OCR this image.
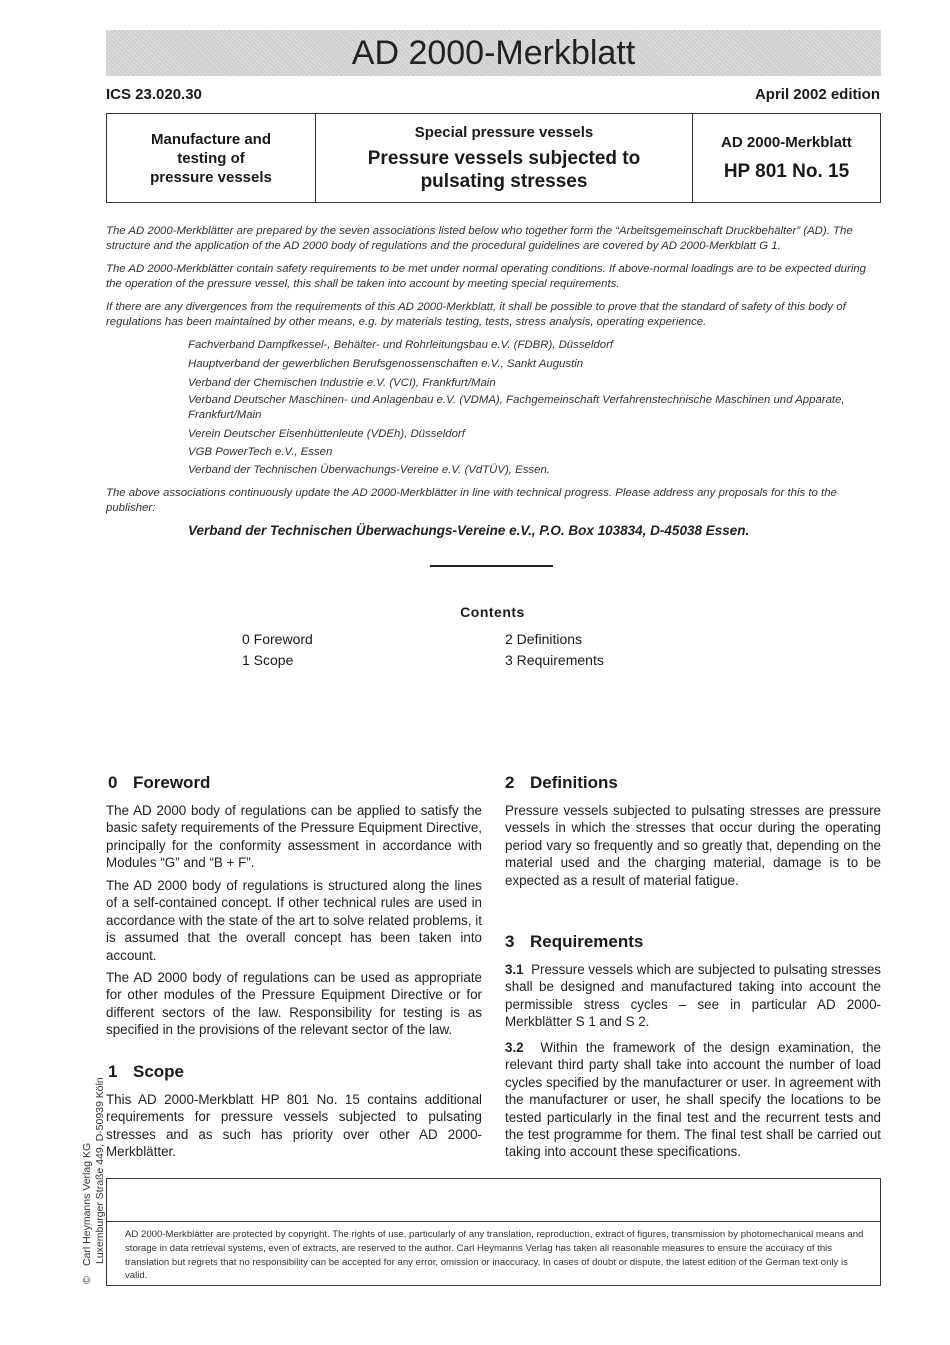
AD 2000-Merkblatt
ICS 23.020.30	April 2002 edition
Manufacture and
testing of
pressure vessels
Special pressure vessels
Pressure vessels subjected to
pulsating stresses
AD 2000-Merkblatt
HP 801 No. 15

The AD 2000-Merkblätter are prepared by the seven associations listed below who together form the “Arbeitsgemeinschaft Druckbehälter” (AD). The structure and the application of the AD 2000 body of regulations and the procedural guidelines are covered by AD 2000-Merkblatt G 1.

The AD 2000-Merkblätter contain safety requirements to be met under normal operating conditions. If above-normal loadings are to be expected during the operation of the pressure vessel, this shall be taken into account by meeting special requirements.

If there are any divergences from the requirements of this AD 2000-Merkblatt, it shall be possible to prove that the standard of safety of this body of regulations has been maintained by other means, e.g. by materials testing, tests, stress analysis, operating experience.

Fachverband Dampfkessel-, Behälter- und Rohrleitungsbau e.V. (FDBR), Düsseldorf

Hauptverband der gewerblichen Berufsgenossenschaften e.V., Sankt Augustin

Verband der Chemischen Industrie e.V. (VCI), Frankfurt/Main

Verband Deutscher Maschinen- und Anlagenbau e.V. (VDMA), Fachgemeinschaft Verfahrenstechnische Maschinen und Apparate, Frankfurt/Main

Verein Deutscher Eisenhüttenleute (VDEh), Düsseldorf

VGB PowerTech e.V., Essen

Verband der Technischen Überwachungs-Vereine e.V. (VdTÜV), Essen.

The above associations continuously update the AD 2000-Merkblätter in line with technical progress. Please address any proposals for this to the publisher:

Verband der Technischen Überwachungs-Vereine e.V., P.O. Box 103834, D-45038 Essen.
Contents
0 Foreword
1 Scope
2 Definitions
3 Requirements
0 Foreword

The AD 2000 body of regulations can be applied to satisfy the basic safety requirements of the Pressure Equipment Directive, principally for the conformity assessment in accordance with Modules “G” and “B + F”.

The AD 2000 body of regulations is structured along the lines of a self-contained concept. If other technical rules are used in accordance with the state of the art to solve related problems, it is assumed that the overall concept has been taken into account.

The AD 2000 body of regulations can be used as appropriate for other modules of the Pressure Equipment Directive or for different sectors of the law. Responsibility for testing is as specified in the provisions of the relevant sector of the law.

1 Scope

This AD 2000-Merkblatt HP 801 No. 15 contains additional requirements for pressure vessels subjected to pulsating stresses and as such has priority over other AD 2000-Merkblätter.

2 Definitions

Pressure vessels subjected to pulsating stresses are pressure vessels in which the stresses that occur during the operating period vary so frequently and so greatly that, depending on the material used and the charging material, damage is to be expected as a result of material fatigue.

3 Requirements

3.1 Pressure vessels which are subjected to pulsating stresses shall be designed and manufactured taking into account the permissible stress cycles – see in particular AD 2000-Merkblätter S 1 and S 2.

3.2 Within the framework of the design examination, the relevant third party shall take into account the number of load cycles specified by the manufacturer or user. In agreement with the manufacturer or user, he shall specify the locations to be tested particularly in the final test and the recurrent tests and the test programme for them. The final test shall be carried out taking into account these specifications.

AD 2000-Merkblätter are protected by copyright. The rights of use, particularly of any translation, reproduction, extract of figures, transmission by photomechanical means and storage in data retrieval systems, even of extracts, are reserved to the author. Carl Heymanns Verlag has taken all reasonable measures to ensure the accuracy of this translation but regrets that no responsibility can be accepted for any error, omission or inaccuracy. In cases of doubt or dispute, the latest edition of the German text only is valid.

©Carl Heymanns Verlag KG Luxemburger Straße 449, D-50939 Köln
